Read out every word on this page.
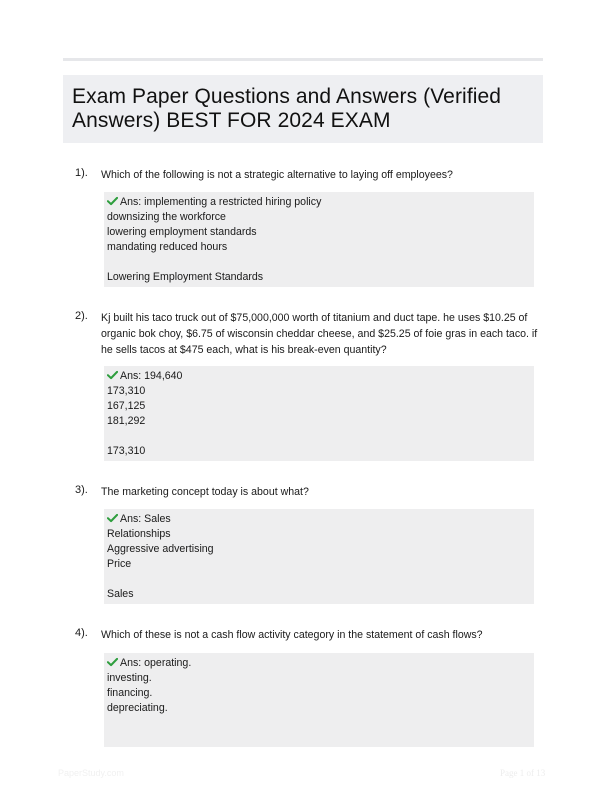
Exam Paper Questions and Answers (Verified Answers) BEST FOR 2024 EXAM
1). Which of the following is not a strategic alternative to laying off employees?
Ans: implementing a restricted hiring policy
downsizing the workforce
lowering employment standards
mandating reduced hours
Lowering Employment Standards
2). Kj built his taco truck out of $75,000,000 worth of titanium and duct tape. he uses $10.25 of organic bok choy, $6.75 of wisconsin cheddar cheese, and $25.25 of foie gras in each taco. if he sells tacos at $475 each, what is his break-even quantity?
Ans: 194,640
173,310
167,125
181,292
173,310
3). The marketing concept today is about what?
Ans: Sales
Relationships
Aggressive advertising
Price
Sales
4). Which of these is not a cash flow activity category in the statement of cash flows?
Ans: operating.
investing.
financing.
depreciating.
PaperStudy.com	Page 1 of 13
